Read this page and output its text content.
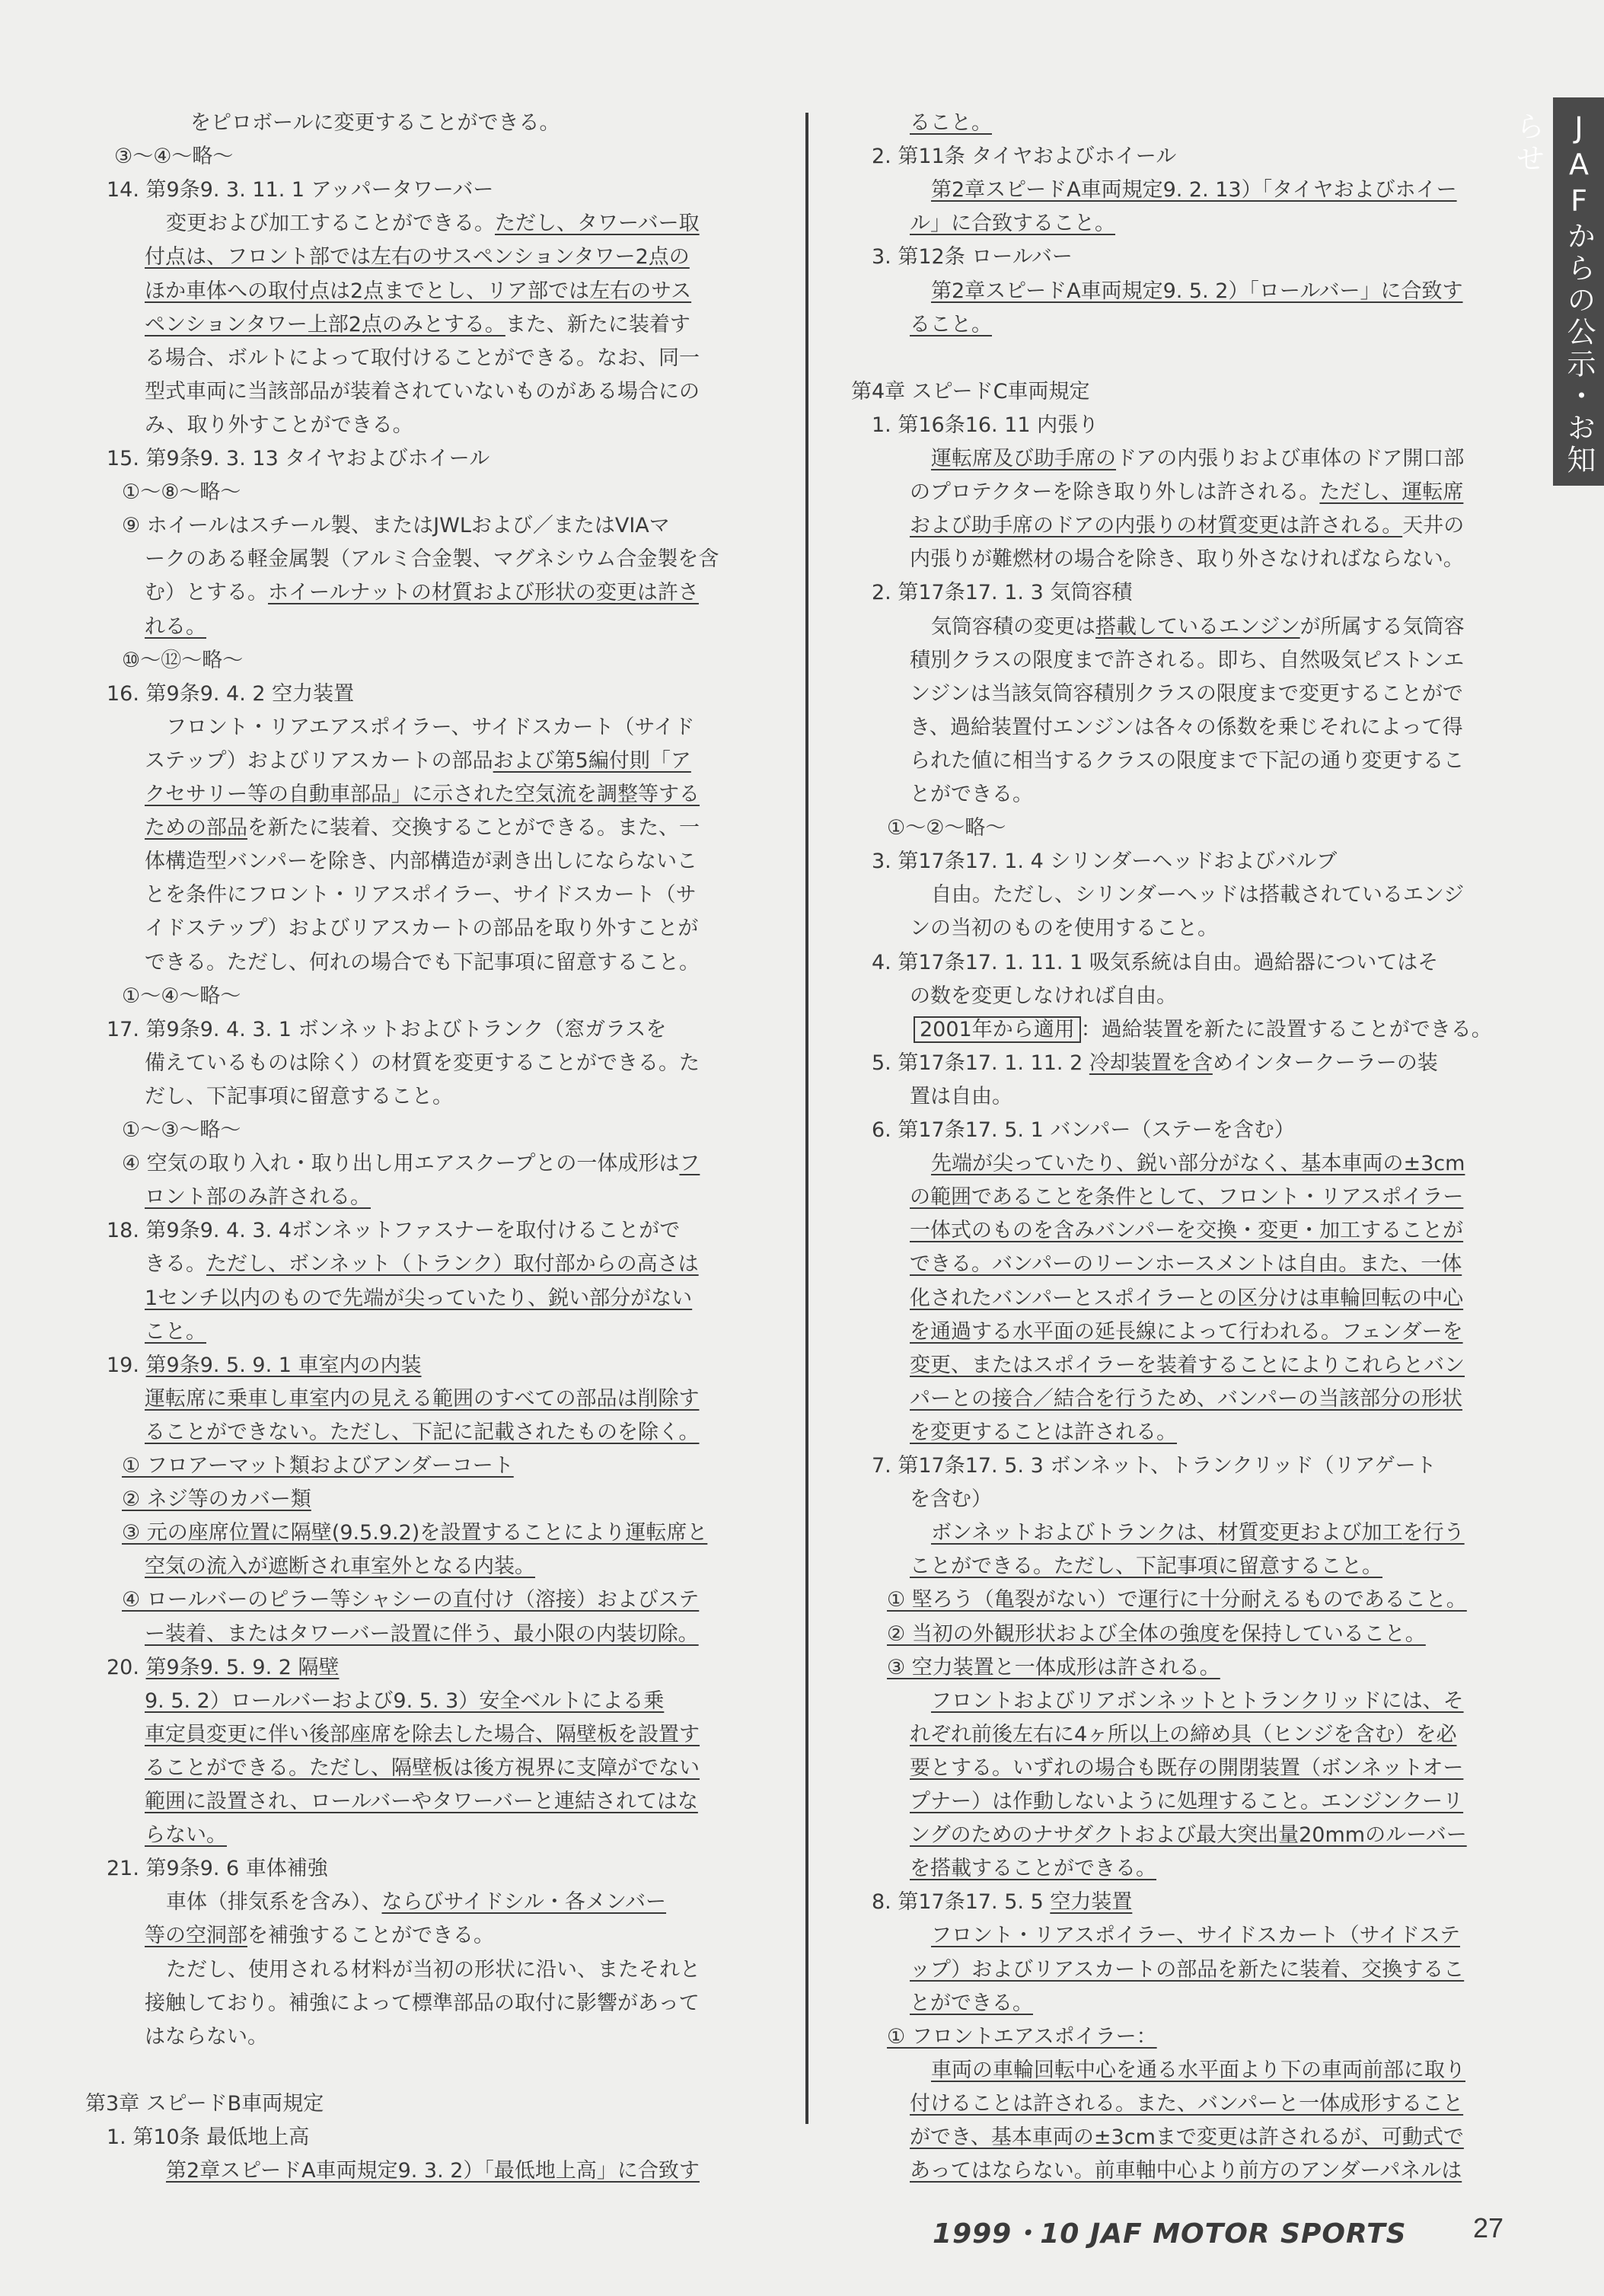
をピロボールに変更することができる。
③～④～略～
14. 第9条9. 3. 11. 1 アッパータワーバー
変更および加工することができる。ただし、タワーバー取
付点は、フロント部では左右のサスペンションタワー2点の
ほか車体への取付点は2点までとし、リア部では左右のサス
ペンションタワー上部2点のみとする。また、新たに装着す
る場合、ボルトによって取付けることができる。なお、同一
型式車両に当該部品が装着されていないものがある場合にの
み、取り外すことができる。
15. 第9条9. 3. 13 タイヤおよびホイール
①～⑧～略～
⑨ ホイールはスチール製、またはJWLおよび／またはVIAマ
ークのある軽金属製（アルミ合金製、マグネシウム合金製を含
む）とする。ホイールナットの材質および形状の変更は許さ
れる。
⑩～⑫～略～
16. 第9条9. 4. 2 空力装置
フロント・リアエアスポイラー、サイドスカート（サイド
ステップ）およびリアスカートの部品および第5編付則「ア
クセサリー等の自動車部品」に示された空気流を調整等する
ための部品を新たに装着、交換することができる。また、一
体構造型バンパーを除き、内部構造が剥き出しにならないこ
とを条件にフロント・リアスポイラー、サイドスカート（サ
イドステップ）およびリアスカートの部品を取り外すことが
できる。ただし、何れの場合でも下記事項に留意すること。
①～④～略～
17. 第9条9. 4. 3. 1 ボンネットおよびトランク（窓ガラスを
備えているものは除く）の材質を変更することができる。た
だし、下記事項に留意すること。
①～③～略～
④ 空気の取り入れ・取り出し用エアスクープとの一体成形はフ
ロント部のみ許される。
18. 第9条9. 4. 3. 4ボンネットファスナーを取付けることがで
きる。ただし、ボンネット（トランク）取付部からの高さは
1センチ以内のもので先端が尖っていたり、鋭い部分がない
こと。
19. 第9条9. 5. 9. 1 車室内の内装
運転席に乗車し車室内の見える範囲のすべての部品は削除す
ることができない。ただし、下記に記載されたものを除く。
① フロアーマット類およびアンダーコート
② ネジ等のカバー類
③ 元の座席位置に隔壁(9.5.9.2)を設置することにより運転席と
空気の流入が遮断され車室外となる内装。
④ ロールバーのピラー等シャシーの直付け（溶接）およびステ
ー装着、またはタワーバー設置に伴う、最小限の内装切除。
20. 第9条9. 5. 9. 2 隔壁
9. 5. 2）ロールバーおよび9. 5. 3）安全ベルトによる乗
車定員変更に伴い後部座席を除去した場合、隔壁板を設置す
ることができる。ただし、隔壁板は後方視界に支障がでない
範囲に設置され、ロールバーやタワーバーと連結されてはな
らない。
21. 第9条9. 6 車体補強
車体（排気系を含み）、ならびサイドシル・各メンバー
等の空洞部を補強することができる。
ただし、使用される材料が当初の形状に沿い、またそれと
接触しており。補強によって標準部品の取付に影響があって
はならない。
第3章 スピードB車両規定
1. 第10条 最低地上高
第2章スピードA車両規定9. 3. 2）「最低地上高」に合致す
ること。
2. 第11条 タイヤおよびホイール
第2章スピードA車両規定9. 2. 13）「タイヤおよびホイー
ル」に合致すること。
3. 第12条 ロールバー
第2章スピードA車両規定9. 5. 2）「ロールバー」に合致す
ること。
第4章 スピードC車両規定
1. 第16条16. 11 内張り
運転席及び助手席のドアの内張りおよび車体のドア開口部
のプロテクターを除き取り外しは許される。ただし、運転席
および助手席のドアの内張りの材質変更は許される。天井の
内張りが難燃材の場合を除き、取り外さなければならない。
2. 第17条17. 1. 3 気筒容積
気筒容積の変更は搭載しているエンジンが所属する気筒容
積別クラスの限度まで許される。即ち、自然吸気ピストンエ
ンジンは当該気筒容積別クラスの限度まで変更することがで
き、過給装置付エンジンは各々の係数を乗じそれによって得
られた値に相当するクラスの限度まで下記の通り変更するこ
とができる。
①～②～略～
3. 第17条17. 1. 4 シリンダーヘッドおよびバルブ
自由。ただし、シリンダーヘッドは搭載されているエンジ
ンの当初のものを使用すること。
4. 第17条17. 1. 11. 1 吸気系統は自由。過給器についてはそ
の数を変更しなければ自由。
2001年から適用 ：過給装置を新たに設置することができる。
5. 第17条17. 1. 11. 2 冷却装置を含めインタークーラーの装
置は自由。
6. 第17条17. 5. 1 バンパー（ステーを含む）
先端が尖っていたり、鋭い部分がなく、基本車両の±3cm
の範囲であることを条件として、フロント・リアスポイラー
一体式のものを含みバンパーを交換・変更・加工することが
できる。バンパーのリーンホースメントは自由。また、一体
化されたバンパーとスポイラーとの区分けは車輪回転の中心
を通過する水平面の延長線によって行われる。フェンダーを
変更、またはスポイラーを装着することによりこれらとバン
パーとの接合／結合を行うため、バンパーの当該部分の形状
を変更することは許される。
7. 第17条17. 5. 3 ボンネット、トランクリッド（リアゲート
を含む）
ボンネットおよびトランクは、材質変更および加工を行う
ことができる。ただし、下記事項に留意すること。
① 堅ろう（亀裂がない）で運行に十分耐えるものであること。
② 当初の外観形状および全体の強度を保持していること。
③ 空力装置と一体成形は許される。
フロントおよびリアボンネットとトランクリッドには、そ
れぞれ前後左右に4ヶ所以上の締め具（ヒンジを含む）を必
要とする。いずれの場合も既存の開閉装置（ボンネットオー
プナー）は作動しないように処理すること。エンジンクーリ
ングのためのナサダクトおよび最大突出量20mmのルーバー
を搭載することができる。
8. 第17条17. 5. 5 空力装置
フロント・リアスポイラー、サイドスカート（サイドステ
ップ）およびリアスカートの部品を新たに装着、交換するこ
とができる。
① フロントエアスポイラー：
車両の車輪回転中心を通る水平面より下の車両前部に取り
付けることは許される。また、バンパーと一体成形すること
ができ、基本車両の±3cmまで変更は許されるが、可動式で
あってはならない。前車軸中心より前方のアンダーパネルは
JAFからの公示・お知らせ
1999・10 JAF MOTOR SPORTS 27
